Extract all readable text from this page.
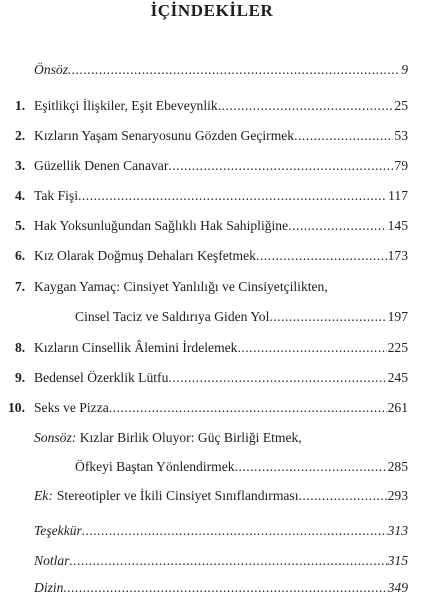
İÇİNDEKİLER
Önsöz .....	9
1. Eşitlikçi İlişkiler, Eşit Ebeveynlik .....	25
2. Kızların Yaşam Senaryosunu Gözden Geçirmek .....	53
3. Güzellik Denen Canavar .....	79
4. Tak Fişi .....	117
5. Hak Yoksunluğundan Sağlıklı Hak Sahipliğine .....	145
6. Kız Olarak Doğmuş Dehaları Keşfetmek .....	173
7. Kaygan Yamaç: Cinsiyet Yanlılığı ve Cinsiyetçilikten,
Cinsel Taciz ve Saldırıya Giden Yol .....	197
8. Kızların Cinsellik Âlemini İrdelemek .....	225
9. Bedensel Özerklik Lütfu .....	245
10. Seks ve Pizza .....	261
Sonsöz: Kızlar Birlik Oluyor: Güç Birliği Etmek,
Öfkeyi Baştan Yönlendirmek .....	285
Ek: Stereotipler ve İkili Cinsiyet Sınıflandırması .....	293
Teşekkür .....	313
Notlar .....	315
Dizin .....	349
